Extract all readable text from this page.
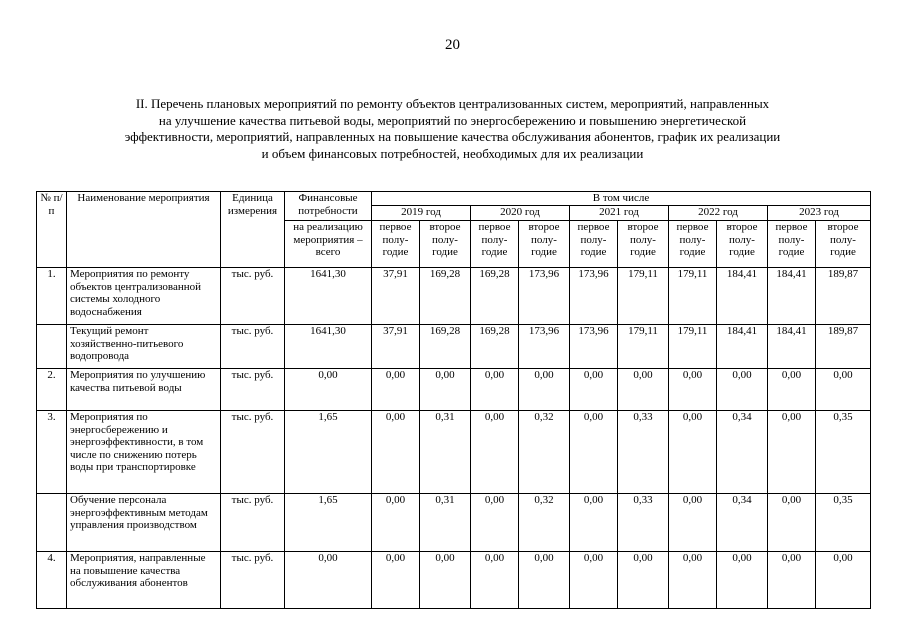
20
II. Перечень плановых мероприятий по ремонту объектов централизованных систем, мероприятий, направленных
на улучшение качества питьевой воды, мероприятий по энергосбережению и повышению энергетической
эффективности, мероприятий, направленных на повышение качества обслуживания абонентов, график их реализации
и объем финансовых потребностей, необходимых для их реализации
№ п/п	Наименование мероприятия	Единица измерения	Финансовые потребности	В том числе									
				2019 год		2020 год		2021 год		2022 год		2023 год	
			на реализацию мероприятия – всего	первое полу-годие	второе полу-годие	первое полу-годие	второе полу-годие	первое полу-годие	второе полу-годие	первое полу-годие	второе полу-годие	первое полу-годие	второе полу-годие
1.	Мероприятия по ремонту объектов централизованной системы холодного водоснабжения	тыс. руб.	1641,30	37,91	169,28	169,28	173,96	173,96	179,11	179,11	184,41	184,41	189,87
	Текущий ремонт хозяйственно-питьевого водопровода	тыс. руб.	1641,30	37,91	169,28	169,28	173,96	173,96	179,11	179,11	184,41	184,41	189,87
2.	Мероприятия по улучшению качества питьевой воды	тыс. руб.	0,00	0,00	0,00	0,00	0,00	0,00	0,00	0,00	0,00	0,00	0,00
3.	Мероприятия по энергосбережению и энергоэффективности, в том числе по снижению потерь воды при транспортировке	тыс. руб.	1,65	0,00	0,31	0,00	0,32	0,00	0,33	0,00	0,34	0,00	0,35
	Обучение персонала энергоэффективным методам управления производством	тыс. руб.	1,65	0,00	0,31	0,00	0,32	0,00	0,33	0,00	0,34	0,00	0,35
4.	Мероприятия, направленные на повышение качества обслуживания абонентов	тыс. руб.	0,00	0,00	0,00	0,00	0,00	0,00	0,00	0,00	0,00	0,00	0,00
